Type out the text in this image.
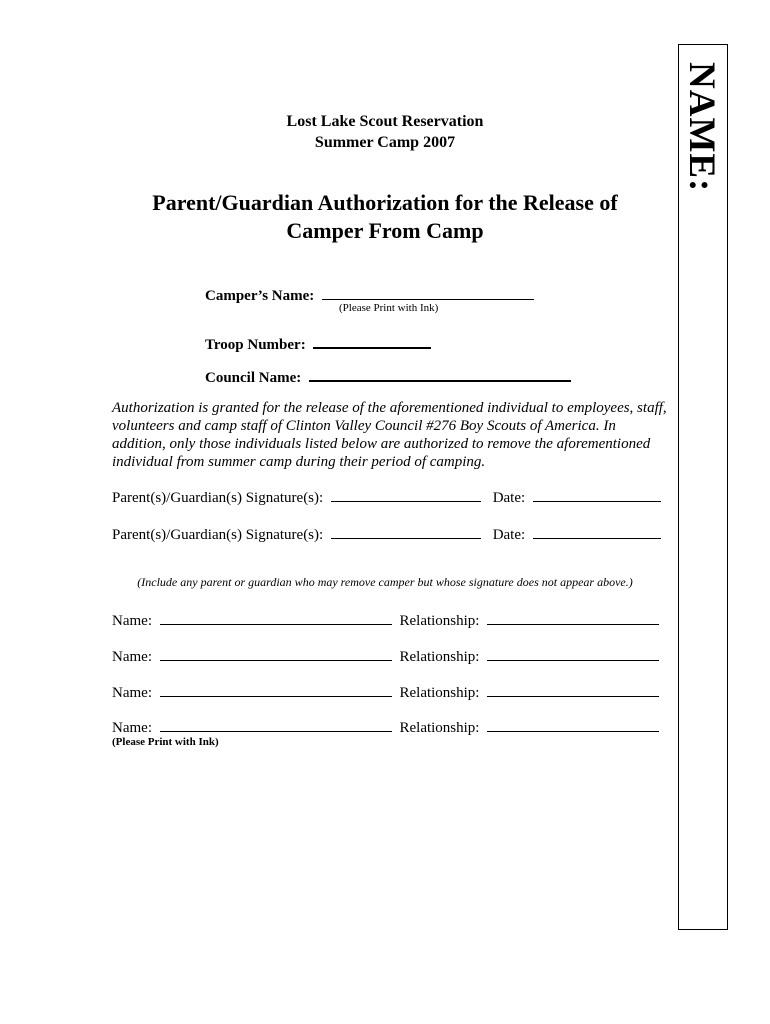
NAME:
Lost Lake Scout Reservation
Summer Camp 2007
Parent/Guardian Authorization for the Release of
Camper From Camp
Camper’s Name:
(Please Print with Ink)
Troop Number:
Council Name:
Authorization is granted for the release of the aforementioned individual to employees, staff, volunteers and camp staff of Clinton Valley Council #276 Boy Scouts of America. In addition, only those individuals listed below are authorized to remove the aforementioned individual from summer camp during their period of camping.
Parent(s)/Guardian(s) Signature(s):	Date:
Parent(s)/Guardian(s) Signature(s):	Date:
(Include any parent or guardian who may remove camper but whose signature does not appear above.)
Name:	Relationship:
Name:	Relationship:
Name:	Relationship:
Name:	Relationship:
(Please Print with Ink)
